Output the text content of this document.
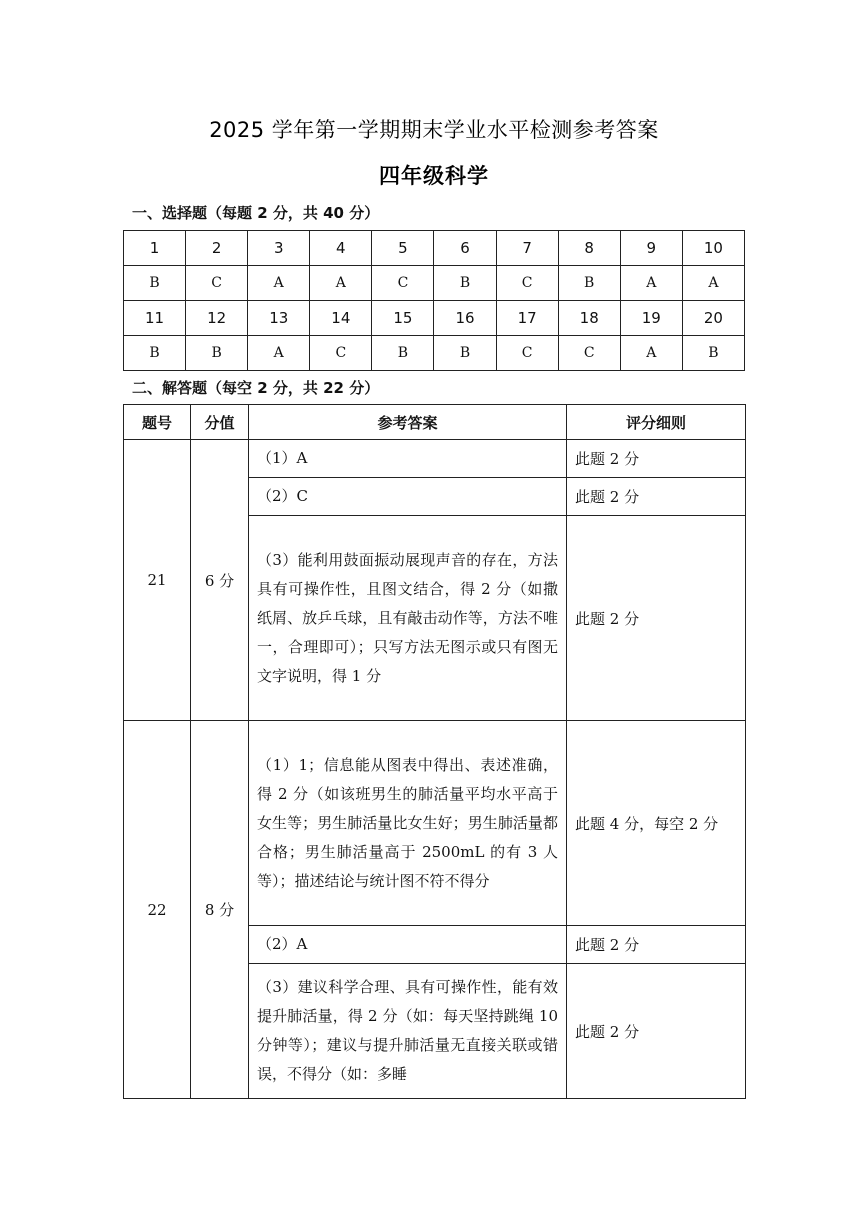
2025 学年第一学期期末学业水平检测参考答案
四年级科学
一、选择题（每题 2 分，共 40 分）
1	2	3	4	5	6	7	8	9	10
B	C	A	A	C	B	C	B	A	A
11	12	13	14	15	16	17	18	19	20
B	B	A	C	B	B	C	C	A	B
二、解答题（每空 2 分，共 22 分）
题号	分值	参考答案	评分细则
21	6 分	（1）A	此题 2 分
		（2）C	此题 2 分
		（3）能利用鼓面振动展现声音的存在，方法具有可操作性，且图文结合，得 2 分（如撒纸屑、放乒乓球，且有敲击动作等，方法不唯一，合理即可）；只写方法无图示或只有图无文字说明，得 1 分	此题 2 分
22	8 分	（1）1；信息能从图表中得出、表述准确，得 2 分（如该班男生的肺活量平均水平高于女生等；男生肺活量比女生好；男生肺活量都合格；男生肺活量高于 2500mL 的有 3 人等）；描述结论与统计图不符不得分	此题 4 分，每空 2 分
		（2）A	此题 2 分
		（3）建议科学合理、具有可操作性，能有效提升肺活量，得 2 分（如：每天坚持跳绳 10 分钟等）；建议与提升肺活量无直接关联或错误，不得分（如：多睡	此题 2 分
